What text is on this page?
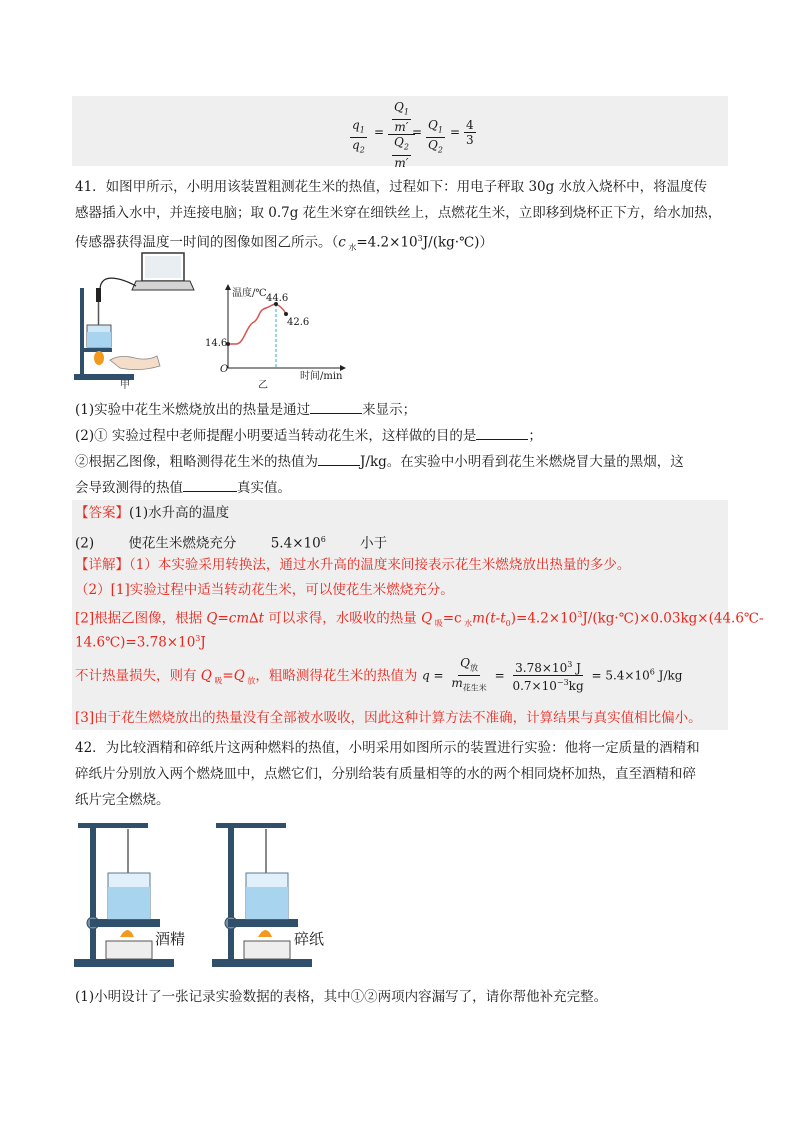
$\frac{q_1}{q_2} = \frac{\frac{Q_1}{m'}}{\frac{Q_2}{m'}}$
= $\frac{Q_1}{Q_2} = \frac{4}{3}$
41．如图甲所示，小明用该装置粗测花生米的热值，过程如下：用电子秤取 30g 水放入烧杯中，将温度传
感器插入水中，并连接电脑；取 0.7g 花生米穿在细铁丝上，点燃花生米，立即移到烧杯正下方，给水加热，
传感器获得温度一时间的图像如图乙所示。（c $_水=4.2\times 10^3J/(kg\cdot℃)$）
甲
温度/℃ 44.6
42.6
14.6
O
时间/min
乙
(1)实验中花生米燃烧放出的热量是通过	来显示；
(2)① 实验过程中老师提醒小明要适当转动花生米，这样做的目的是	；
②根据乙图像，粗略测得花生米的热值为	J/kg。在实验中小明看到花生米燃烧冒大量的黑烟，这
会导致测得的热值	真实值。
【答案】(1)水升高的温度
(2)	使花生米燃烧充分	$5.4\times 10^6$	小于
【详解】（1）本实验采用转换法，通过水升高的温度来间接表示花生米燃烧放出热量的多少。
（2）[1]实验过程中适当转动花生米，可以使花生米燃烧充分。
[2]根据乙图像，根据 Q=cm∆t 可以求得，水吸收的热量 Q $_吸$=c $_水m(t-t_0)=4.2\times 10^3J/(kg\cdot℃)\times 0.03kg\times(44.6℃-$
$14.6℃)=3.78\times 10^3J$
不计热量损失，则有 Q $_吸$=Q $_放$，粗略测得花生米的热值为 $q = \frac{Q_放}{m_{花生米}} = \frac{3.78\times 10^3 J}{0.7\times 10^{-3}kg} = 5.4\times 10^6$ J/kg
[3]由于花生燃烧放出的热量没有全部被水吸收，因此这种计算方法不准确，计算结果与真实值相比偏小。
42．为比较酒精和碎纸片这两种燃料的热值，小明采用如图所示的装置进行实验：他将一定质量的酒精和
碎纸片分别放入两个燃烧皿中，点燃它们，分别给装有质量相等的水的两个相同烧杯加热，直至酒精和碎
纸片完全燃烧。
酒精	碎纸
(1)小明设计了一张记录实验数据的表格，其中①②两项内容漏写了，请你帮他补充完整。
